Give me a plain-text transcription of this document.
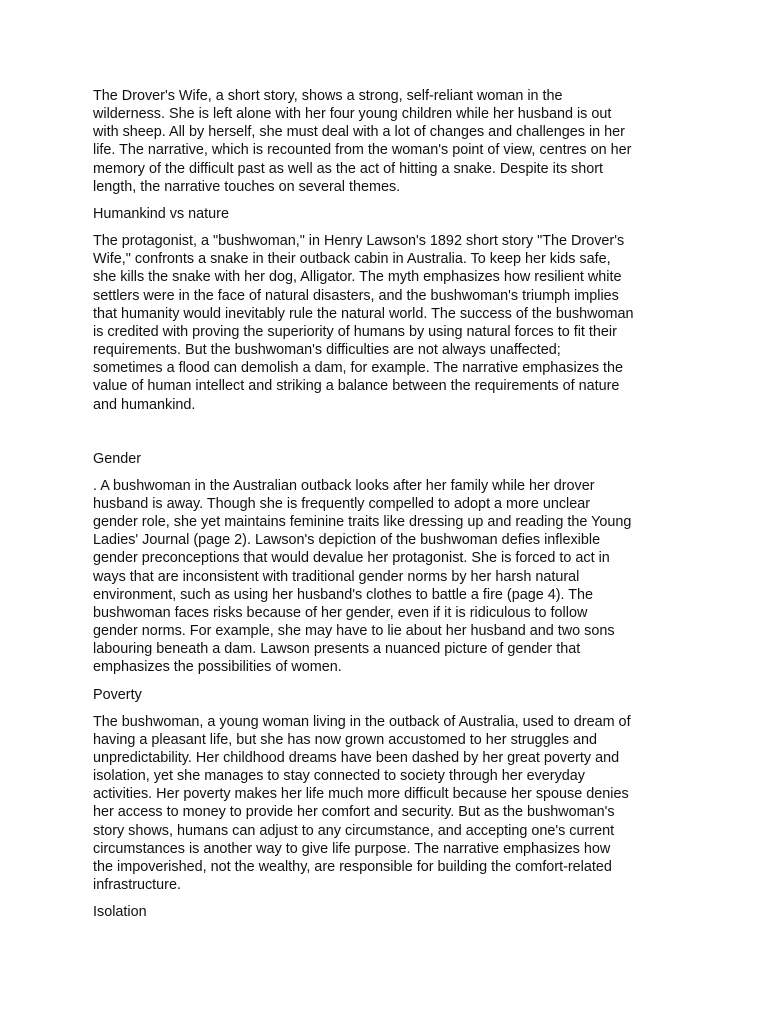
The Drover's Wife, a short story, shows a strong, self-reliant woman in the
wilderness. She is left alone with her four young children while her husband is out
with sheep. All by herself, she must deal with a lot of changes and challenges in her
life. The narrative, which is recounted from the woman's point of view, centres on her
memory of the difficult past as well as the act of hitting a snake. Despite its short
length, the narrative touches on several themes.

Humankind vs nature

The protagonist, a "bushwoman," in Henry Lawson's 1892 short story "The Drover's
Wife," confronts a snake in their outback cabin in Australia. To keep her kids safe,
she kills the snake with her dog, Alligator. The myth emphasizes how resilient white
settlers were in the face of natural disasters, and the bushwoman's triumph implies
that humanity would inevitably rule the natural world. The success of the bushwoman
is credited with proving the superiority of humans by using natural forces to fit their
requirements. But the bushwoman's difficulties are not always unaffected;
sometimes a flood can demolish a dam, for example. The narrative emphasizes the
value of human intellect and striking a balance between the requirements of nature
and humankind.

Gender

. A bushwoman in the Australian outback looks after her family while her drover
husband is away. Though she is frequently compelled to adopt a more unclear
gender role, she yet maintains feminine traits like dressing up and reading the Young
Ladies' Journal (page 2). Lawson's depiction of the bushwoman defies inflexible
gender preconceptions that would devalue her protagonist. She is forced to act in
ways that are inconsistent with traditional gender norms by her harsh natural
environment, such as using her husband's clothes to battle a fire (page 4). The
bushwoman faces risks because of her gender, even if it is ridiculous to follow
gender norms. For example, she may have to lie about her husband and two sons
labouring beneath a dam. Lawson presents a nuanced picture of gender that
emphasizes the possibilities of women.

Poverty

The bushwoman, a young woman living in the outback of Australia, used to dream of
having a pleasant life, but she has now grown accustomed to her struggles and
unpredictability. Her childhood dreams have been dashed by her great poverty and
isolation, yet she manages to stay connected to society through her everyday
activities. Her poverty makes her life much more difficult because her spouse denies
her access to money to provide her comfort and security. But as the bushwoman's
story shows, humans can adjust to any circumstance, and accepting one's current
circumstances is another way to give life purpose. The narrative emphasizes how
the impoverished, not the wealthy, are responsible for building the comfort-related
infrastructure.

Isolation
